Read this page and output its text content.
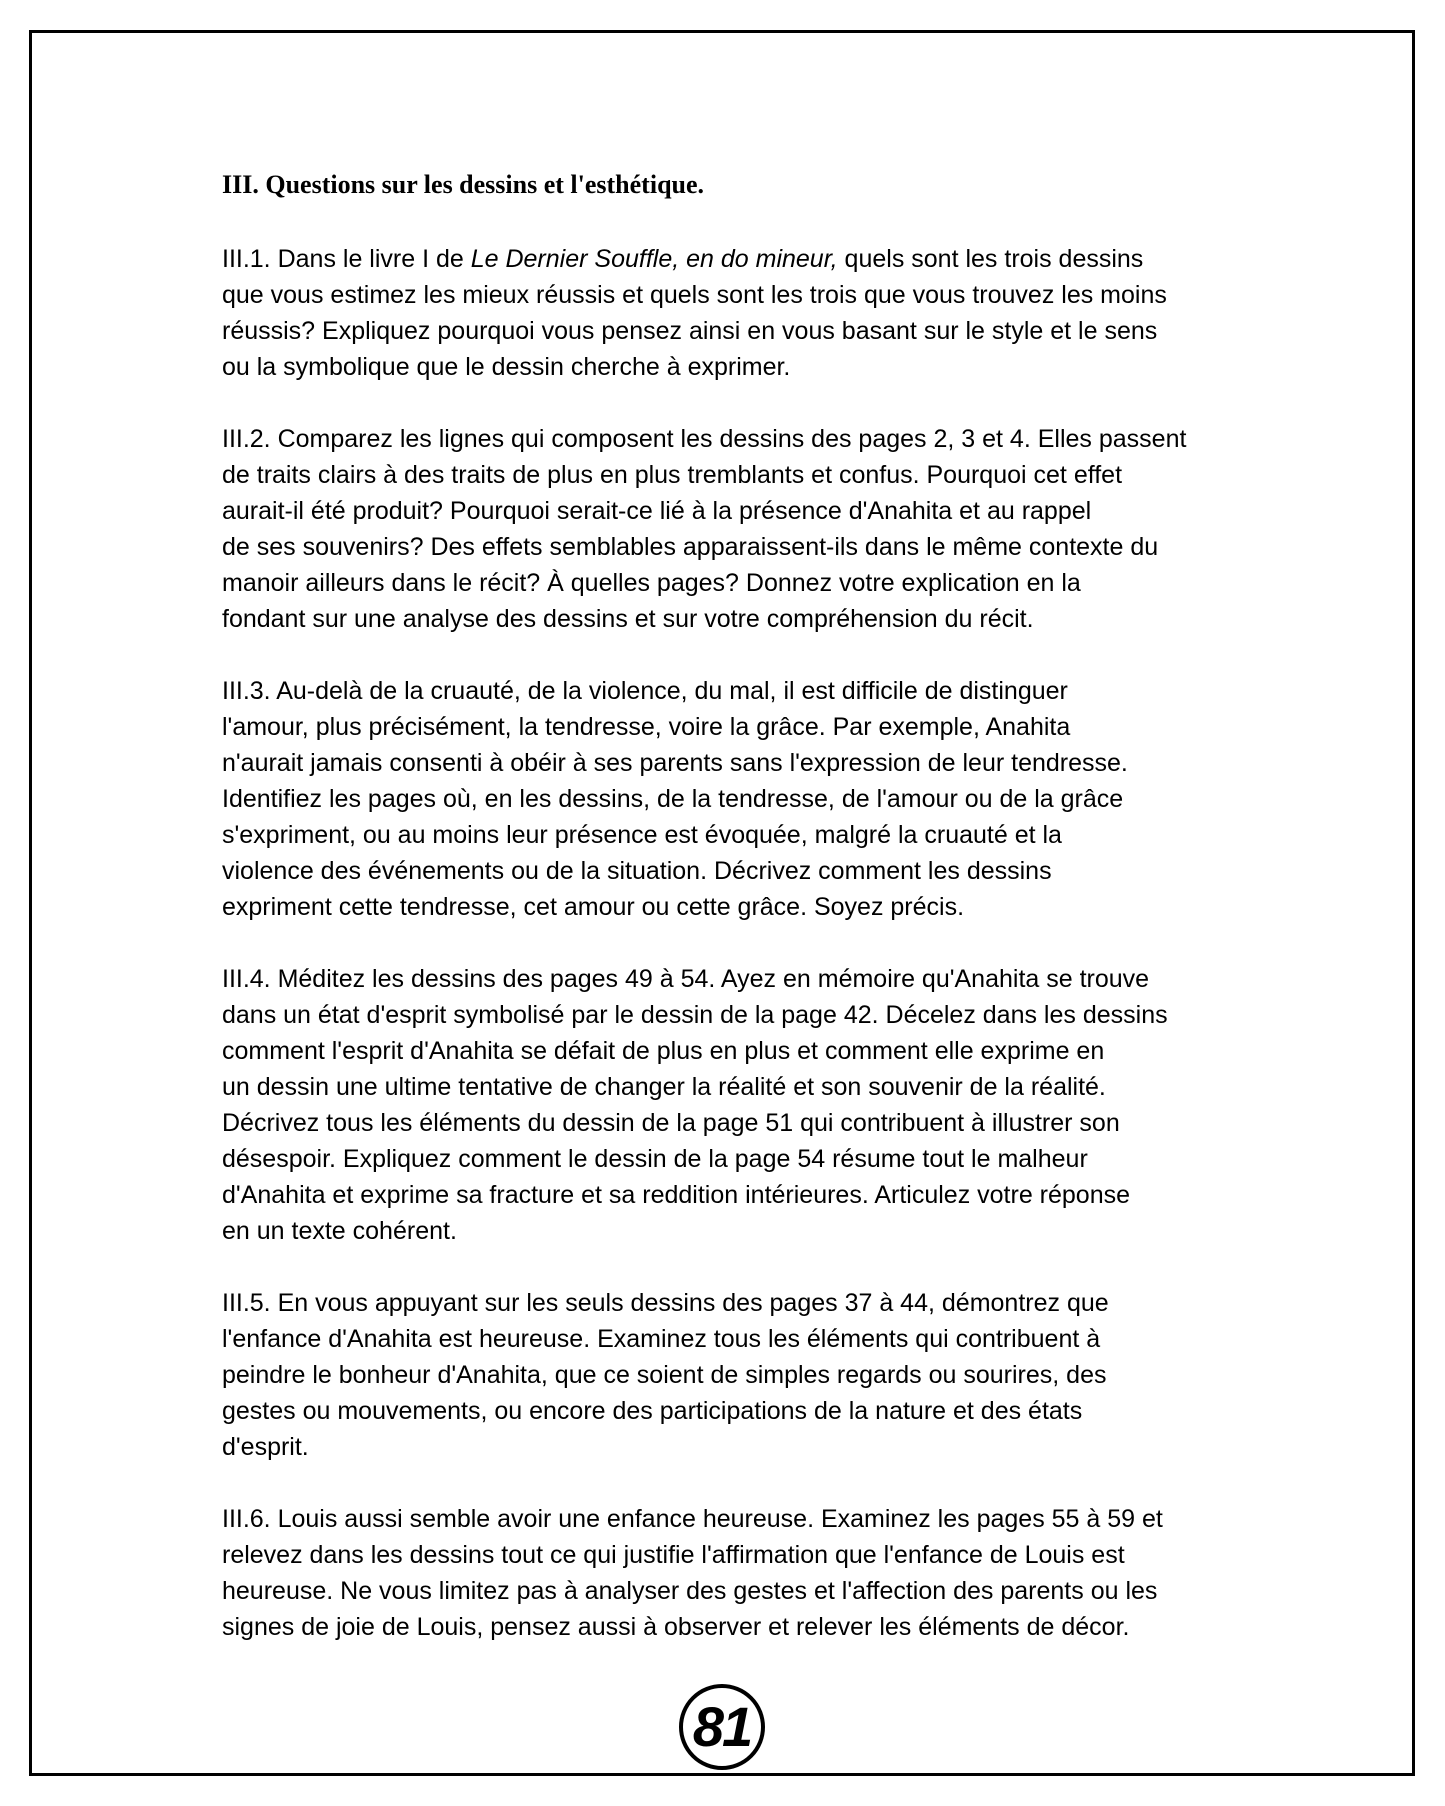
III. Questions sur les dessins et l'esthétique.
III.1. Dans le livre I de Le Dernier Souffle, en do mineur, quels sont les trois dessins
que vous estimez les mieux réussis et quels sont les trois que vous trouvez les moins
réussis? Expliquez pourquoi vous pensez ainsi en vous basant sur le style et le sens
ou la symbolique que le dessin cherche à exprimer.
III.2. Comparez les lignes qui composent les dessins des pages 2, 3 et 4. Elles passent
de traits clairs à des traits de plus en plus tremblants et confus. Pourquoi cet effet
aurait-il été produit? Pourquoi serait-ce lié à la présence d'Anahita et au rappel
de ses souvenirs? Des effets semblables apparaissent-ils dans le même contexte du
manoir ailleurs dans le récit? À quelles pages? Donnez votre explication en la
fondant sur une analyse des dessins et sur votre compréhension du récit.
III.3. Au-delà de la cruauté, de la violence, du mal, il est difficile de distinguer
l'amour, plus précisément, la tendresse, voire la grâce. Par exemple, Anahita
n'aurait jamais consenti à obéir à ses parents sans l'expression de leur tendresse.
Identifiez les pages où, en les dessins, de la tendresse, de l'amour ou de la grâce
s'expriment, ou au moins leur présence est évoquée, malgré la cruauté et la
violence des événements ou de la situation. Décrivez comment les dessins
expriment cette tendresse, cet amour ou cette grâce. Soyez précis.
III.4. Méditez les dessins des pages 49 à 54. Ayez en mémoire qu'Anahita se trouve
dans un état d'esprit symbolisé par le dessin de la page 42. Décelez dans les dessins
comment l'esprit d'Anahita se défait de plus en plus et comment elle exprime en
un dessin une ultime tentative de changer la réalité et son souvenir de la réalité.
Décrivez tous les éléments du dessin de la page 51 qui contribuent à illustrer son
désespoir. Expliquez comment le dessin de la page 54 résume tout le malheur
d'Anahita et exprime sa fracture et sa reddition intérieures. Articulez votre réponse
en un texte cohérent.
III.5. En vous appuyant sur les seuls dessins des pages 37 à 44, démontrez que
l'enfance d'Anahita est heureuse. Examinez tous les éléments qui contribuent à
peindre le bonheur d'Anahita, que ce soient de simples regards ou sourires, des
gestes ou mouvements, ou encore des participations de la nature et des états
d'esprit.
III.6. Louis aussi semble avoir une enfance heureuse. Examinez les pages 55 à 59 et
relevez dans les dessins tout ce qui justifie l'affirmation que l'enfance de Louis est
heureuse. Ne vous limitez pas à analyser des gestes et l'affection des parents ou les
signes de joie de Louis, pensez aussi à observer et relever les éléments de décor.
81
